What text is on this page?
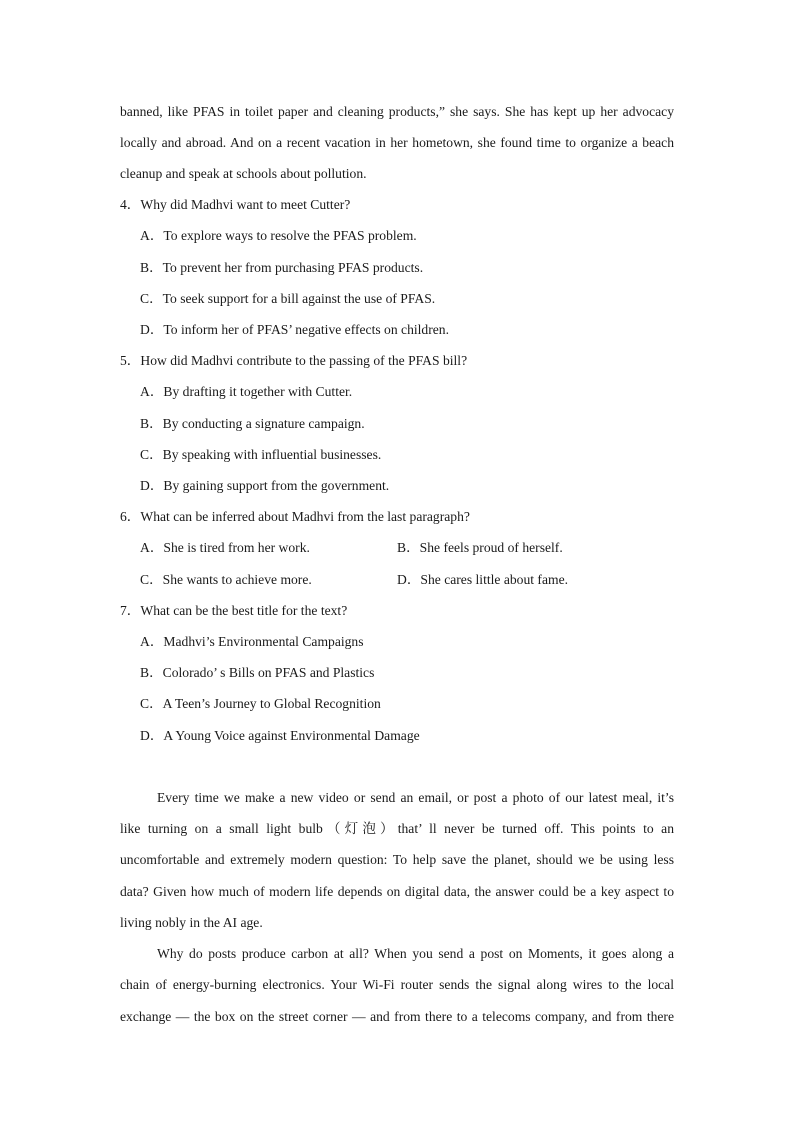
banned, like PFAS in toilet paper and cleaning products,” she says. She has kept up her advocacy
locally and abroad. And on a recent vacation in her hometown, she found time to organize a beach
cleanup and speak at schools about pollution.
4．Why did Madhvi want to meet Cutter?
A．To explore ways to resolve the PFAS problem.
B．To prevent her from purchasing PFAS products.
C．To seek support for a bill against the use of PFAS.
D．To inform her of PFAS’ negative effects on children.
5．How did Madhvi contribute to the passing of the PFAS bill?
A．By drafting it together with Cutter.
B．By conducting a signature campaign.
C．By speaking with influential businesses.
D．By gaining support from the government.
6．What can be inferred about Madhvi from the last paragraph?
A．She is tired from her work.	B．She feels proud of herself.
C．She wants to achieve more.	D．She cares little about fame.
7．What can be the best title for the text?
A．Madhvi’s Environmental Campaigns
B．Colorado’ s Bills on PFAS and Plastics
C．A Teen’s Journey to Global Recognition
D．A Young Voice against Environmental Damage
Every time we make a new video or send an email, or post a photo of our latest meal, it’s
like turning on a small light bulb（灯泡）that’ ll never be turned off. This points to an
uncomfortable and extremely modern question: To help save the planet, should we be using less
data? Given how much of modern life depends on digital data, the answer could be a key aspect to
living nobly in the AI age.
Why do posts produce carbon at all? When you send a post on Moments, it goes along a
chain of energy-burning electronics. Your Wi-Fi router sends the signal along wires to the local
exchange — the box on the street corner — and from there to a telecoms company, and from there
